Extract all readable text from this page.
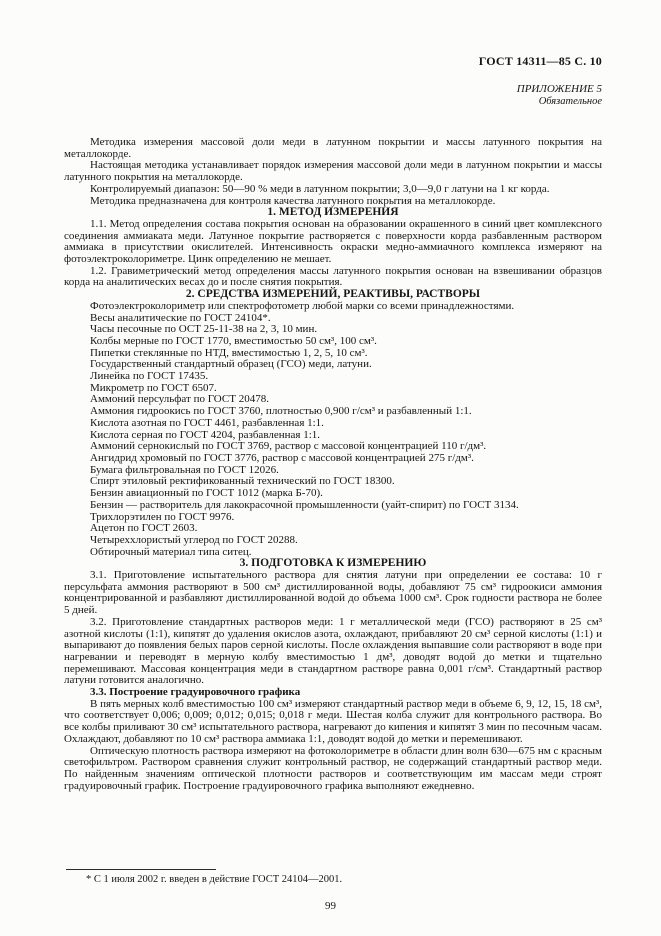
ГОСТ 14311—85 С. 10
ПРИЛОЖЕНИЕ 5
Обязательное

Методика измерения массовой доли меди в латунном покрытии и массы латунного покрытия на металлокорде.

Настоящая методика устанавливает порядок измерения массовой доли меди в латунном покрытии и массы латунного покрытия на металлокорде.

Контролируемый диапазон: 50—90 % меди в латунном покрытии; 3,0—9,0 г латуни на 1 кг корда.

Методика предназначена для контроля качества латунного покрытия на металлокорде.

1. МЕТОД ИЗМЕРЕНИЯ

1.1. Метод определения состава покрытия основан на образовании окрашенного в синий цвет комплексного соединения аммиаката меди. Латунное покрытие растворяется с поверхности корда разбавленным раствором аммиака в присутствии окислителей. Интенсивность окраски медно-аммиачного комплекса измеряют на фотоэлектроколориметре. Цинк определению не мешает.

1.2. Гравиметрический метод определения массы латунного покрытия основан на взвешивании образцов корда на аналитических весах до и после снятия покрытия.

2. СРЕДСТВА ИЗМЕРЕНИЙ, РЕАКТИВЫ, РАСТВОРЫ

Фотоэлектроколориметр или спектрофотометр любой марки со всеми принадлежностями.

Весы аналитические по ГОСТ 24104*.

Часы песочные по ОСТ 25-11-38 на 2, 3, 10 мин.

Колбы мерные по ГОСТ 1770, вместимостью 50 см³, 100 см³.

Пипетки стеклянные по НТД, вместимостью 1, 2, 5, 10 см³.

Государственный стандартный образец (ГСО) меди, латуни.

Линейка по ГОСТ 17435.

Микрометр по ГОСТ 6507.

Аммоний персульфат по ГОСТ 20478.

Аммония гидроокись по ГОСТ 3760, плотностью 0,900 г/см³ и разбавленный 1:1.

Кислота азотная по ГОСТ 4461, разбавленная 1:1.

Кислота серная по ГОСТ 4204, разбавленная 1:1.

Аммоний сернокислый по ГОСТ 3769, раствор с массовой концентрацией 110 г/дм³.

Ангидрид хромовый по ГОСТ 3776, раствор с массовой концентрацией 275 г/дм³.

Бумага фильтровальная по ГОСТ 12026.

Спирт этиловый ректификованный технический по ГОСТ 18300.

Бензин авиационный по ГОСТ 1012 (марка Б-70).

Бензин — растворитель для лакокрасочной промышленности (уайт-спирит) по ГОСТ 3134.

Трихлорэтилен по ГОСТ 9976.

Ацетон по ГОСТ 2603.

Четыреххлористый углерод по ГОСТ 20288.

Обтирочный материал типа ситец.

3. ПОДГОТОВКА К ИЗМЕРЕНИЮ

3.1. Приготовление испытательного раствора для снятия латуни при определении ее состава: 10 г персульфата аммония растворяют в 500 см³ дистиллированной воды, добавляют 75 см³ гидроокиси аммония концентрированной и разбавляют дистиллированной водой до объема 1000 см³. Срок годности раствора не более 5 дней.

3.2. Приготовление стандартных растворов меди: 1 г металлической меди (ГСО) растворяют в 25 см³ азотной кислоты (1:1), кипятят до удаления окислов азота, охлаждают, прибавляют 20 см³ серной кислоты (1:1) и выпаривают до появления белых паров серной кислоты. После охлаждения выпавшие соли растворяют в воде при нагревании и переводят в мерную колбу вместимостью 1 дм³, доводят водой до метки и тщательно перемешивают. Массовая концентрация меди в стандартном растворе равна 0,001 г/см³. Стандартный раствор латуни готовится аналогично.

3.3. Построение градуировочного графика

В пять мерных колб вместимостью 100 см³ измеряют стандартный раствор меди в объеме 6, 9, 12, 15, 18 см³, что соответствует 0,006; 0,009; 0,012; 0,015; 0,018 г меди. Шестая колба служит для контрольного раствора. Во все колбы приливают 30 см³ испытательного раствора, нагревают до кипения и кипятят 3 мин по песочным часам. Охлаждают, добавляют по 10 см³ раствора аммиака 1:1, доводят водой до метки и перемешивают.

Оптическую плотность раствора измеряют на фотоколориметре в области длин волн 630—675 нм с красным светофильтром. Раствором сравнения служит контрольный раствор, не содержащий стандартный раствор меди. По найденным значениям оптической плотности растворов и соответствующим им массам меди строят градуировочный график. Построение градуировочного графика выполняют ежедневно.

* С 1 июля 2002 г. введен в действие ГОСТ 24104—2001.

99
